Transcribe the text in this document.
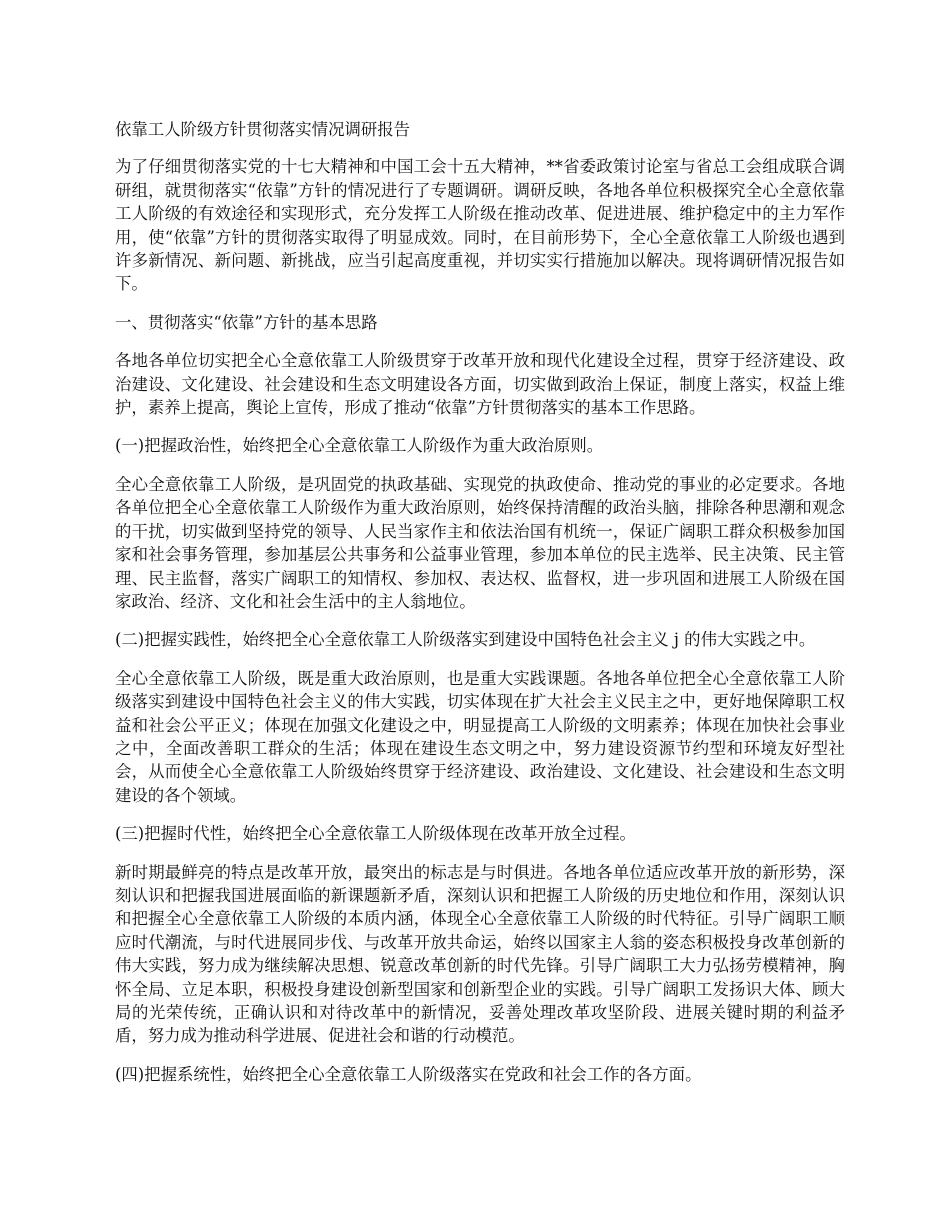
依靠工人阶级方针贯彻落实情况调研报告

为了仔细贯彻落实党的十七大精神和中国工会十五大精神，**省委政策讨论室与省总工会组成联合调研组，就贯彻落实“依靠”方针的情况进行了专题调研。调研反映，各地各单位积极探究全心全意依靠工人阶级的有效途径和实现形式，充分发挥工人阶级在推动改革、促进进展、维护稳定中的主力军作用，使“依靠”方针的贯彻落实取得了明显成效。同时，在目前形势下，全心全意依靠工人阶级也遇到许多新情况、新问题、新挑战，应当引起高度重视，并切实实行措施加以解决。现将调研情况报告如下。

一、贯彻落实“依靠”方针的基本思路

各地各单位切实把全心全意依靠工人阶级贯穿于改革开放和现代化建设全过程，贯穿于经济建设、政治建设、文化建设、社会建设和生态文明建设各方面，切实做到政治上保证，制度上落实，权益上维护，素养上提高，舆论上宣传，形成了推动“依靠”方针贯彻落实的基本工作思路。

(一)把握政治性，始终把全心全意依靠工人阶级作为重大政治原则。

全心全意依靠工人阶级，是巩固党的执政基础、实现党的执政使命、推动党的事业的必定要求。各地各单位把全心全意依靠工人阶级作为重大政治原则，始终保持清醒的政治头脑，排除各种思潮和观念的干扰，切实做到坚持党的领导、人民当家作主和依法治国有机统一，保证广阔职工群众积极参加国家和社会事务管理，参加基层公共事务和公益事业管理，参加本单位的民主选举、民主决策、民主管理、民主监督，落实广阔职工的知情权、参加权、表达权、监督权，进一步巩固和进展工人阶级在国家政治、经济、文化和社会生活中的主人翁地位。

(二)把握实践性，始终把全心全意依靠工人阶级落实到建设中国特色社会主义 j 的伟大实践之中。

全心全意依靠工人阶级，既是重大政治原则，也是重大实践课题。各地各单位把全心全意依靠工人阶级落实到建设中国特色社会主义的伟大实践，切实体现在扩大社会主义民主之中，更好地保障职工权益和社会公平正义；体现在加强文化建设之中，明显提高工人阶级的文明素养；体现在加快社会事业之中，全面改善职工群众的生活；体现在建设生态文明之中，努力建设资源节约型和环境友好型社会，从而使全心全意依靠工人阶级始终贯穿于经济建设、政治建设、文化建设、社会建设和生态文明建设的各个领域。

(三)把握时代性，始终把全心全意依靠工人阶级体现在改革开放全过程。

新时期最鲜亮的特点是改革开放，最突出的标志是与时俱进。各地各单位适应改革开放的新形势，深刻认识和把握我国进展面临的新课题新矛盾，深刻认识和把握工人阶级的历史地位和作用，深刻认识和把握全心全意依靠工人阶级的本质内涵，体现全心全意依靠工人阶级的时代特征。引导广阔职工顺应时代潮流，与时代进展同步伐、与改革开放共命运，始终以国家主人翁的姿态积极投身改革创新的伟大实践，努力成为继续解决思想、锐意改革创新的时代先锋。引导广阔职工大力弘扬劳模精神，胸怀全局、立足本职，积极投身建设创新型国家和创新型企业的实践。引导广阔职工发扬识大体、顾大局的光荣传统，正确认识和对待改革中的新情况，妥善处理改革攻坚阶段、进展关键时期的利益矛盾，努力成为推动科学进展、促进社会和谐的行动模范。

(四)把握系统性，始终把全心全意依靠工人阶级落实在党政和社会工作的各方面。
